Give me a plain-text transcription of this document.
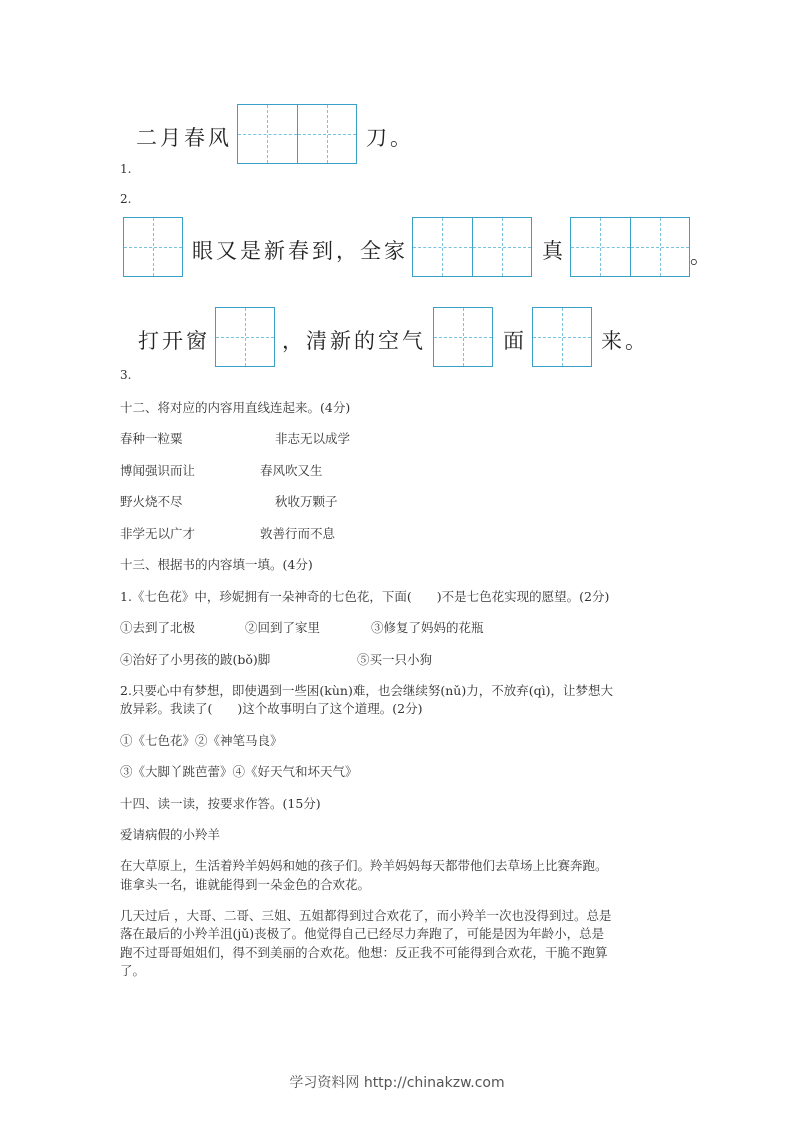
二月春风	刀。
1.
2.
眼又是新春到，全家	真	。
打开窗	，清新的空气	面	来。
3.
十二、将对应的内容用直线连起来。(4分)
春种一粒粟	非志无以成学
博闻强识而让	春风吹又生
野火烧不尽	秋收万颗子
非学无以广才	敦善行而不息
十三、根据书的内容填一填。(4分)
1.《七色花》中，珍妮拥有一朵神奇的七色花，下面(　　)不是七色花实现的愿望。(2分)
①去到了北极	②回到了家里	③修复了妈妈的花瓶
④治好了小男孩的跛(bǒ)脚	⑤买一只小狗
2.只要心中有梦想，即使遇到一些困(kùn)难，也会继续努(nǔ)力，不放弃(qì)，让梦想大
放异彩。我读了(　　)这个故事明白了这个道理。(2分)
①《七色花》②《神笔马良》
③《大脚丫跳芭蕾》④《好天气和坏天气》
十四、读一读，按要求作答。(15分)
爱请病假的小羚羊
在大草原上，生活着羚羊妈妈和她的孩子们。羚羊妈妈每天都带他们去草场上比赛奔跑。
谁拿头一名，谁就能得到一朵金色的合欢花。
几天过后 ，大哥、二哥、三姐、五姐都得到过合欢花了，而小羚羊一次也没得到过。总是
落在最后的小羚羊沮(jǔ)丧极了。他觉得自己已经尽力奔跑了，可能是因为年龄小，总是
跑不过哥哥姐姐们，得不到美丽的合欢花。他想：反正我不可能得到合欢花，干脆不跑算
了。
学习资料网 http://chinakzw.com
